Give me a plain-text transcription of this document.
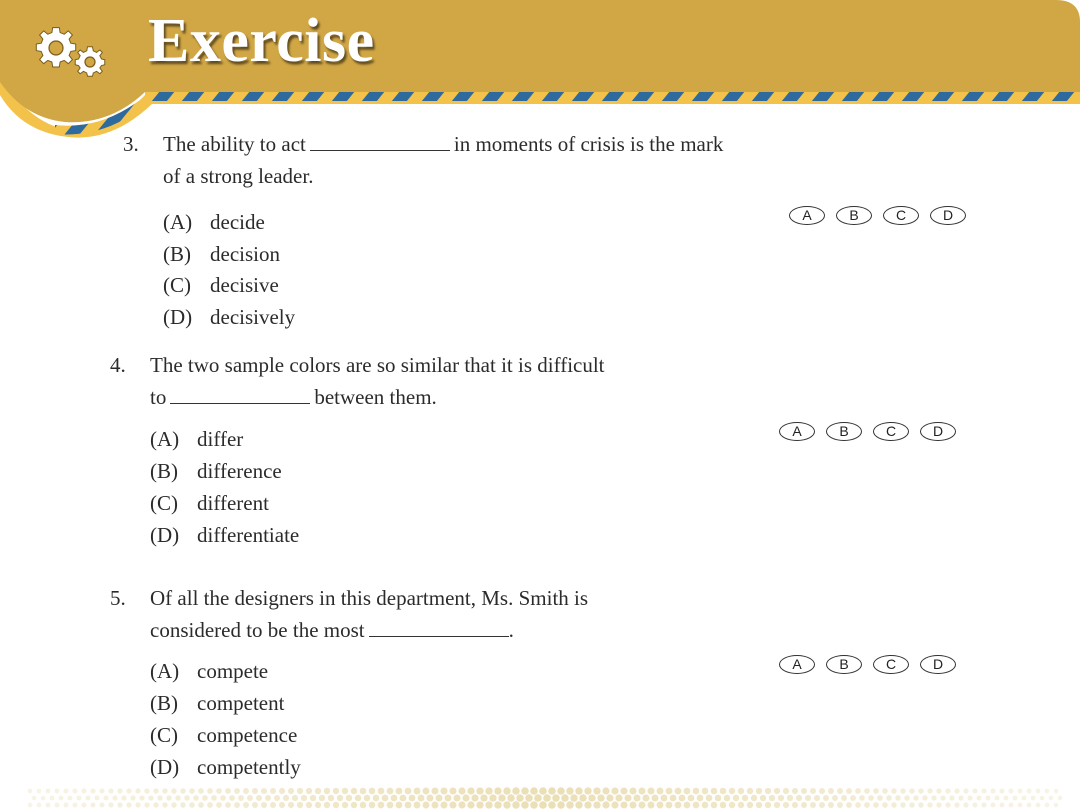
Exercise
3. The ability to act	in moments of crisis is the mark
of a strong leader.
(A) decide
(B) decision
(C) decisive
(D) decisively
A	B	C	D
4. The two sample colors are so similar that it is difficult
to	between them.
(A) differ
(B) difference
(C) different
(D) differentiate
A	B	C	D
5. Of all the designers in this department, Ms. Smith is
considered to be the most	.
(A) compete
(B) competent
(C) competence
(D) competently
A	B	C	D
